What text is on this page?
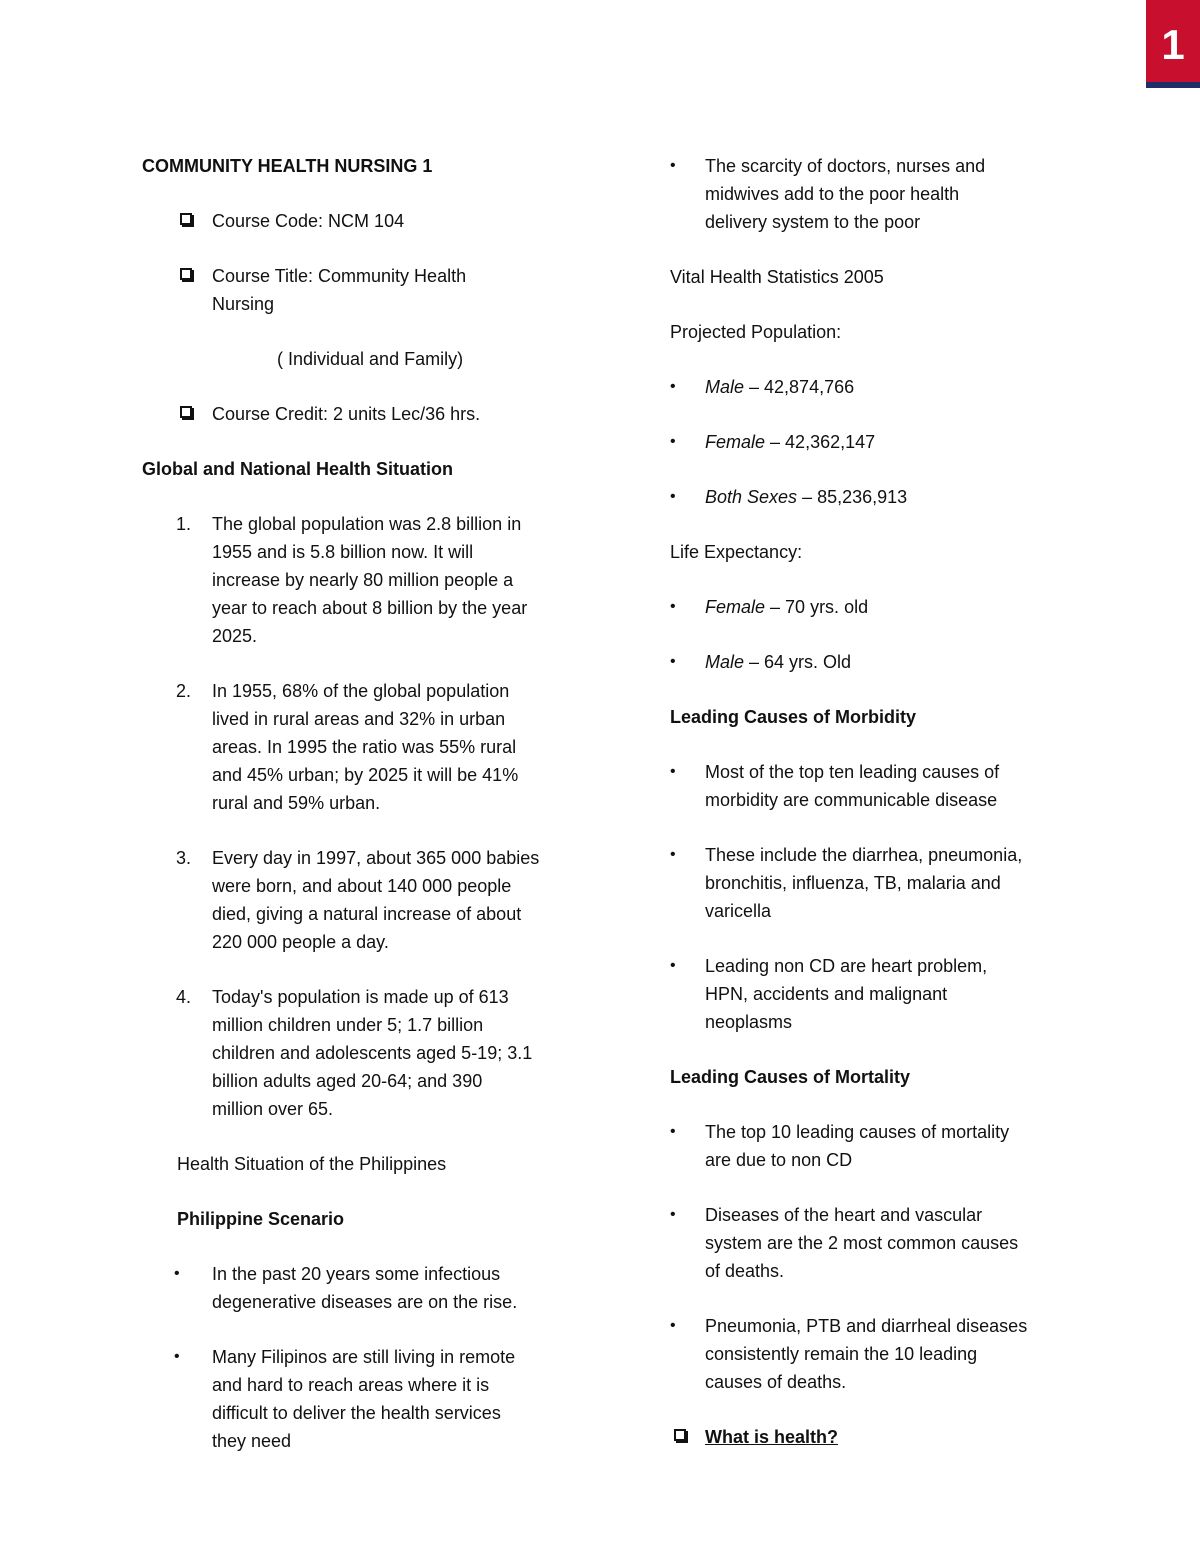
1

COMMUNITY HEALTH NURSING 1

Course Code: NCM 104

Course Title: Community Health

Nursing

( Individual and Family)

Course Credit: 2 units Lec/36 hrs.

Global and National Health Situation

1. The global population was 2.8 billion in

1955 and is 5.8 billion now. It will

increase by nearly 80 million people a

year to reach about 8 billion by the year

2025.

2. In 1955, 68% of the global population

lived in rural areas and 32% in urban

areas. In 1995 the ratio was 55% rural

and 45% urban; by 2025 it will be 41%

rural and 59% urban.

3. Every day in 1997, about 365 000 babies

were born, and about 140 000 people

died, giving a natural increase of about

220 000 people a day.

4. Today's population is made up of 613

million children under 5; 1.7 billion

children and adolescents aged 5-19; 3.1

billion adults aged 20-64; and 390

million over 65.

Health Situation of the Philippines

Philippine Scenario

• In the past 20 years some infectious

degenerative diseases are on the rise.

• Many Filipinos are still living in remote

and hard to reach areas where it is

difficult to deliver the health services

they need

• The scarcity of doctors, nurses and

midwives add to the poor health

delivery system to the poor

Vital Health Statistics 2005

Projected Population:

• Male – 42,874,766

• Female – 42,362,147

• Both Sexes – 85,236,913

Life Expectancy:

• Female – 70 yrs. old

• Male – 64 yrs. Old

Leading Causes of Morbidity

• Most of the top ten leading causes of

morbidity are communicable disease

• These include the diarrhea, pneumonia,

bronchitis, influenza, TB, malaria and

varicella

• Leading non CD are heart problem,

HPN, accidents and malignant

neoplasms

Leading Causes of Mortality

• The top 10 leading causes of mortality

are due to non CD

• Diseases of the heart and vascular

system are the 2 most common causes

of deaths.

• Pneumonia, PTB and diarrheal diseases

consistently remain the 10 leading

causes of deaths.

What is health?
